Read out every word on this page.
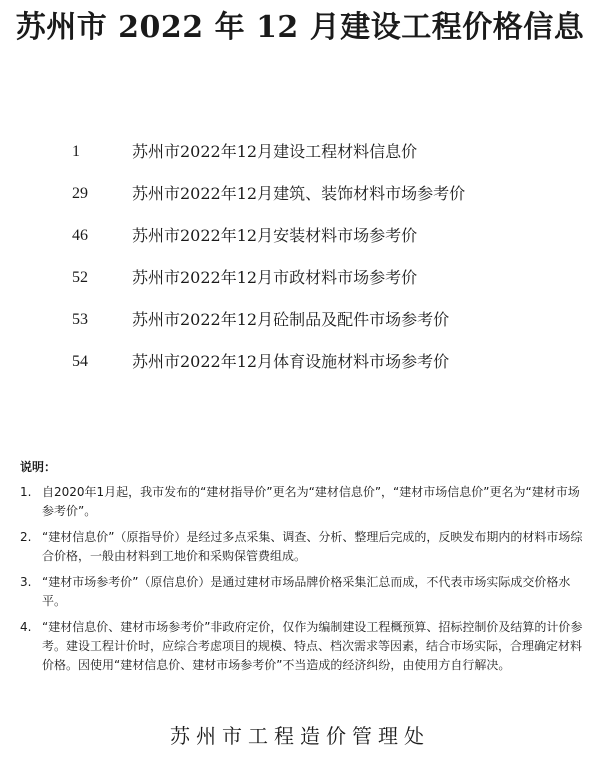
苏州市 2022 年 12 月建设工程价格信息
1	苏州市2022年12月建设工程材料信息价
29	苏州市2022年12月建筑、装饰材料市场参考价
46	苏州市2022年12月安装材料市场参考价
52	苏州市2022年12月市政材料市场参考价
53	苏州市2022年12月砼制品及配件市场参考价
54	苏州市2022年12月体育设施材料市场参考价
说明：
1. 自2020年1月起，我市发布的“建材指导价”更名为“建材信息价”，“建材市场信息价”更名为“建材市场参考价”。
2. “建材信息价”（原指导价）是经过多点采集、调查、分析、整理后完成的，反映发布期内的材料市场综合价格，一般由材料到工地价和采购保管费组成。
3. “建材市场参考价”（原信息价）是通过建材市场品牌价格采集汇总而成，不代表市场实际成交价格水平。
4. “建材信息价、建材市场参考价”非政府定价，仅作为编制建设工程概预算、招标控制价及结算的计价参考。建设工程计价时，应综合考虑项目的规模、特点、档次需求等因素，结合市场实际，合理确定材料价格。因使用“建材信息价、建材市场参考价”不当造成的经济纠纷，由使用方自行解决。
苏州市工程造价管理处
